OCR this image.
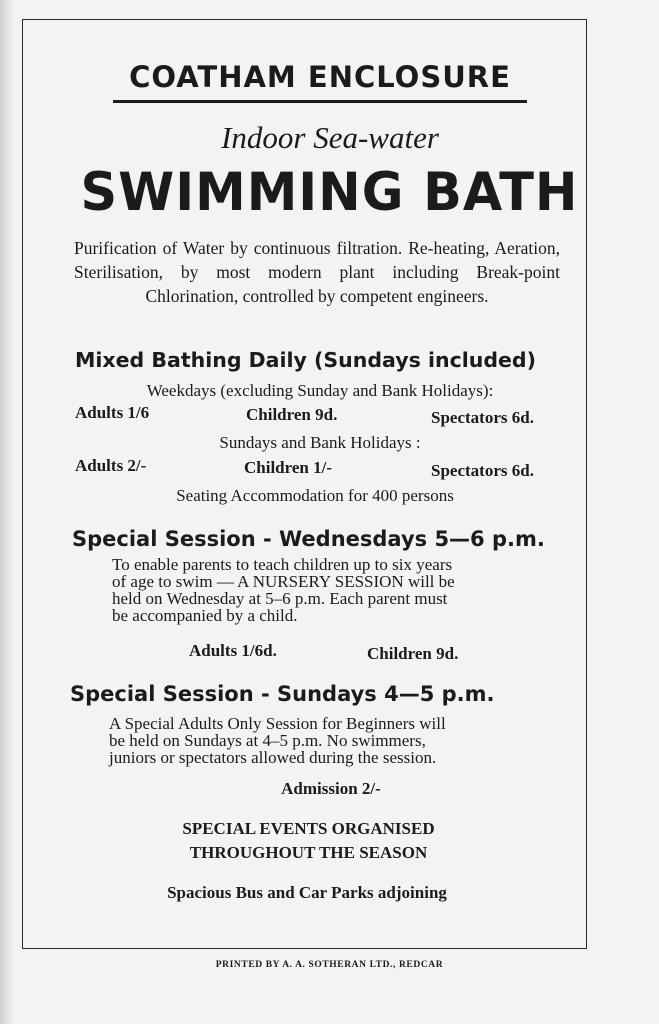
COATHAM ENCLOSURE
Indoor Sea-water
SWIMMING BATH
Purification of Water by continuous filtration. Re-heating, Aeration, Sterilisation, by most modern plant including Break-point Chlorination, controlled by competent engineers.
Mixed Bathing Daily (Sundays included)
Weekdays (excluding Sunday and Bank Holidays):
Adults 1/6	Children 9d.	Spectators 6d.
Sundays and Bank Holidays :
Adults 2/-	Children 1/-	Spectators 6d.
Seating Accommodation for 400 persons
Special Session - Wednesdays 5—6 p.m.
To enable parents to teach children up to six years
of age to swim — A NURSERY SESSION will be
held on Wednesday at 5–6 p.m. Each parent must
be accompanied by a child.
Adults 1/6d.	Children 9d.
Special Session - Sundays 4—5 p.m.
A Special Adults Only Session for Beginners will
be held on Sundays at 4–5 p.m. No swimmers,
juniors or spectators allowed during the session.
Admission 2/-
SPECIAL EVENTS ORGANISED
THROUGHOUT THE SEASON
Spacious Bus and Car Parks adjoining
PRINTED BY A. A. SOTHERAN LTD., REDCAR
